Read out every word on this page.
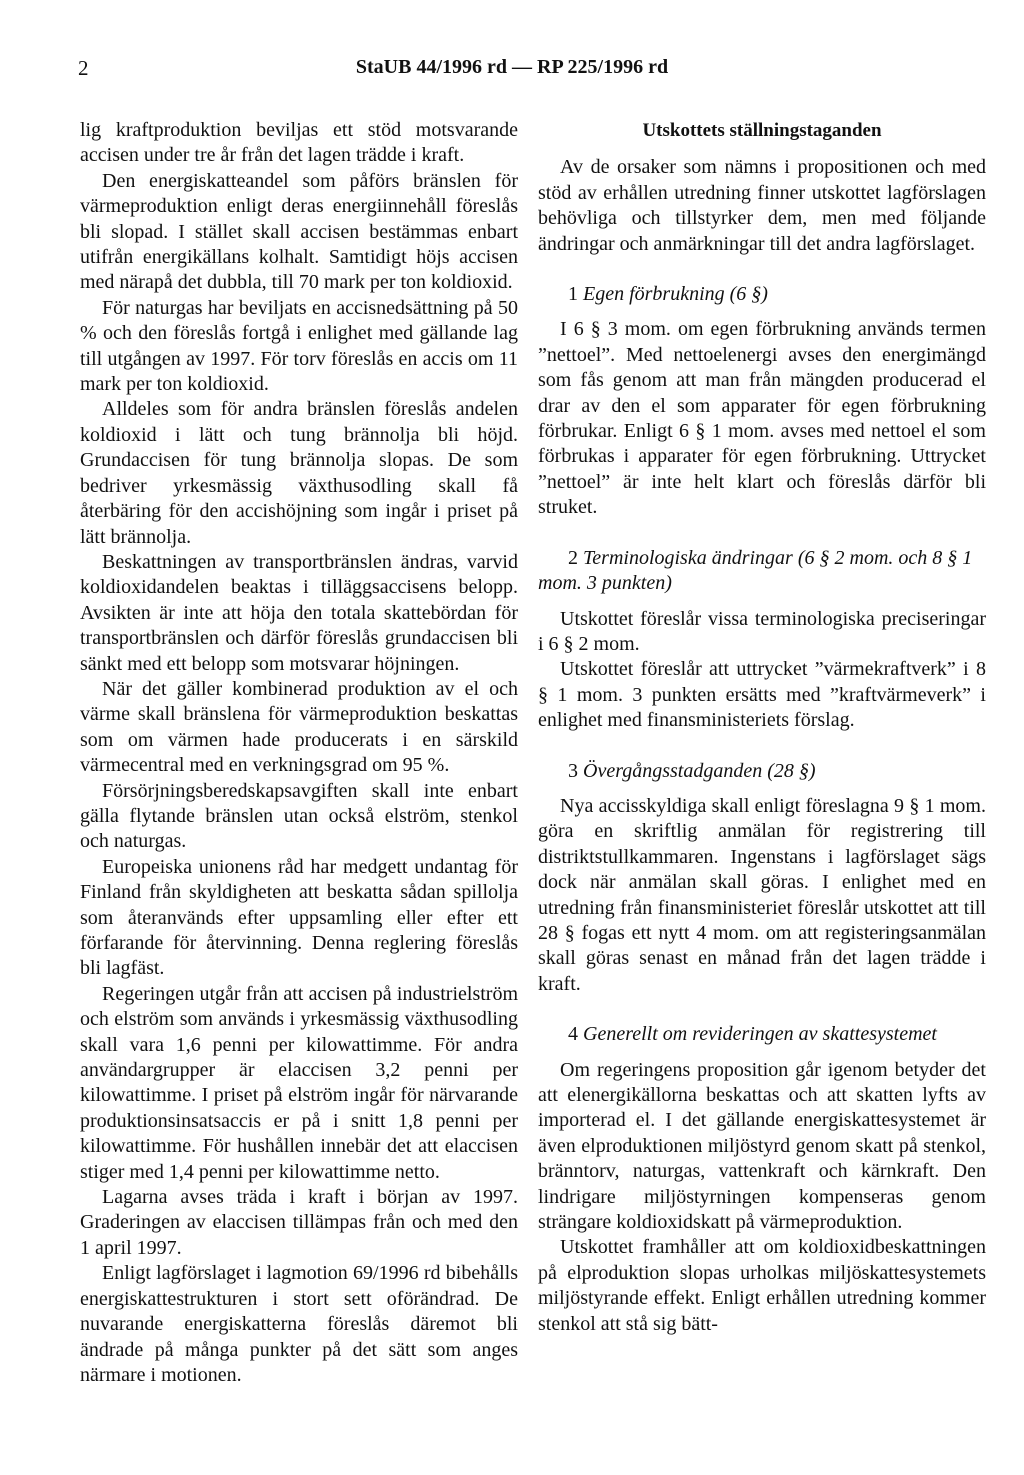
2	StaUB 44/1996 rd — RP 225/1996 rd

lig kraftproduktion beviljas ett stöd motsvarande accisen under tre år från det lagen trädde i kraft.

Den energiskatteandel som påförs bränslen för värmeproduktion enligt deras energiinnehåll föreslås bli slopad. I stället skall accisen bestämmas enbart utifrån energikällans kolhalt. Samtidigt höjs accisen med närapå det dubbla, till 70 mark per ton koldioxid.

För naturgas har beviljats en accisnedsättning på 50 % och den föreslås fortgå i enlighet med gällande lag till utgången av 1997. För torv föreslås en accis om 11 mark per ton koldioxid.

Alldeles som för andra bränslen föreslås andelen koldioxid i lätt och tung brännolja bli höjd. Grundaccisen för tung brännolja slopas. De som bedriver yrkesmässig växthusodling skall få återbäring för den accishöjning som ingår i priset på lätt brännolja.

Beskattningen av transportbränslen ändras, varvid koldioxidandelen beaktas i tilläggsaccisens belopp. Avsikten är inte att höja den totala skattebördan för transportbränslen och därför föreslås grundaccisen bli sänkt med ett belopp som motsvarar höjningen.

När det gäller kombinerad produktion av el och värme skall bränslena för värmeproduktion beskattas som om värmen hade producerats i en särskild värmecentral med en verkningsgrad om 95 %.

Försörjningsberedskapsavgiften skall inte enbart gälla flytande bränslen utan också elström, stenkol och naturgas.

Europeiska unionens råd har medgett undantag för Finland från skyldigheten att beskatta sådan spillolja som återanvänds efter uppsamling eller efter ett förfarande för återvinning. Denna reglering föreslås bli lagfäst.

Regeringen utgår från att accisen på industrielström och elström som används i yrkesmässig växthusodling skall vara 1,6 penni per kilowattimme. För andra användargrupper är elaccisen 3,2 penni per kilowattimme. I priset på elström ingår för närvarande produktionsinsatsaccis er på i snitt 1,8 penni per kilowattimme. För hushållen innebär det att elaccisen stiger med 1,4 penni per kilowattimme netto.

Lagarna avses träda i kraft i början av 1997. Graderingen av elaccisen tillämpas från och med den 1 april 1997.

Enligt lagförslaget i lagmotion 69/1996 rd bibehålls energiskattestrukturen i stort sett oförändrad. De nuvarande energiskatterna föreslås däremot bli ändrade på många punkter på det sätt som anges närmare i motionen.

Utskottets ställningstaganden

Av de orsaker som nämns i propositionen och med stöd av erhållen utredning finner utskottet lagförslagen behövliga och tillstyrker dem, men med följande ändringar och anmärkningar till det andra lagförslaget.

1 Egen förbrukning (6 §)

I 6 § 3 mom. om egen förbrukning används termen ”nettoel”. Med nettoelenergi avses den energimängd som fås genom att man från mängden producerad el drar av den el som apparater för egen förbrukning förbrukar. Enligt 6 § 1 mom. avses med nettoel el som förbrukas i apparater för egen förbrukning. Uttrycket ”nettoel” är inte helt klart och föreslås därför bli struket.

2 Terminologiska ändringar (6 § 2 mom. och 8 § 1 mom. 3 punkten)

Utskottet föreslår vissa terminologiska preciseringar i 6 § 2 mom.

Utskottet föreslår att uttrycket ”värmekraftverk” i 8 § 1 mom. 3 punkten ersätts med ”kraftvärmeverk” i enlighet med finansministeriets förslag.

3 Övergångsstadganden (28 §)

Nya accisskyldiga skall enligt föreslagna 9 § 1 mom. göra en skriftlig anmälan för registrering till distriktstullkammaren. Ingenstans i lagförslaget sägs dock när anmälan skall göras. I enlighet med en utredning från finansministeriet föreslår utskottet att till 28 § fogas ett nytt 4 mom. om att registeringsanmälan skall göras senast en månad från det lagen trädde i kraft.

4 Generellt om revideringen av skattesystemet

Om regeringens proposition går igenom betyder det att elenergikällorna beskattas och att skatten lyfts av importerad el. I det gällande energiskattesystemet är även elproduktionen miljöstyrd genom skatt på stenkol, bränntorv, naturgas, vattenkraft och kärnkraft. Den lindrigare miljöstyrningen kompenseras genom strängare koldioxidskatt på värmeproduktion.

Utskottet framhåller att om koldioxidbeskattningen på elproduktion slopas urholkas miljöskattesystemets miljöstyrande effekt. Enligt erhållen utredning kommer stenkol att stå sig bätt-
